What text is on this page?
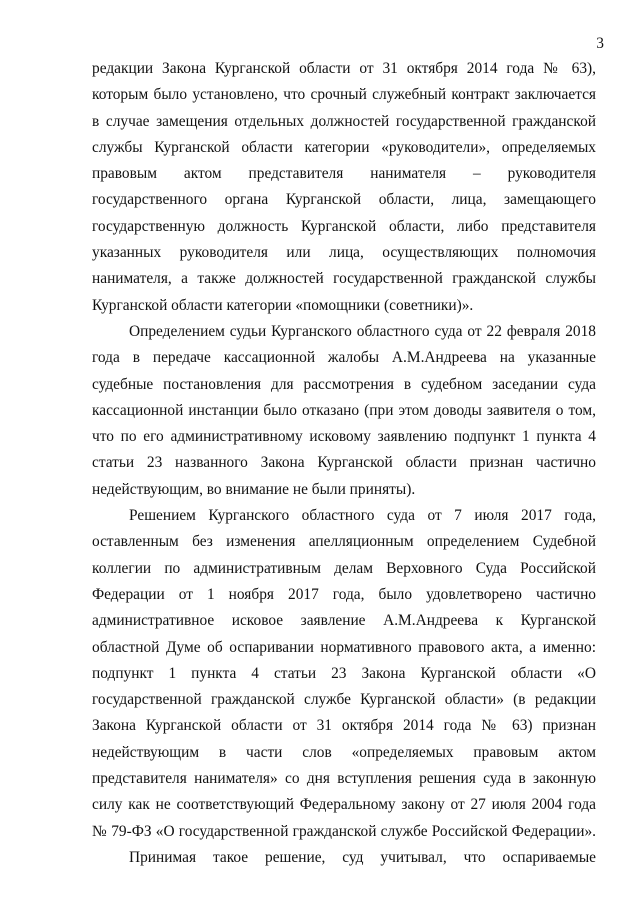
3
редакции Закона Курганской области от 31 октября 2014 года № 63),
которым было установлено, что срочный служебный контракт заключается
в случае замещения отдельных должностей государственной гражданской
службы Курганской области категории «руководители», определяемых
правовым актом представителя нанимателя – руководителя
государственного органа Курганской области, лица, замещающего
государственную должность Курганской области, либо представителя
указанных руководителя или лица, осуществляющих полномочия
нанимателя, а также должностей государственной гражданской службы
Курганской области категории «помощники (советники)».
Определением судьи Курганского областного суда от 22 февраля 2018
года в передаче кассационной жалобы А.М.Андреева на указанные
судебные постановления для рассмотрения в судебном заседании суда
кассационной инстанции было отказано (при этом доводы заявителя о том,
что по его административному исковому заявлению подпункт 1 пункта 4
статьи 23 названного Закона Курганской области признан частично
недействующим, во внимание не были приняты).
Решением Курганского областного суда от 7 июля 2017 года,
оставленным без изменения апелляционным определением Судебной
коллегии по административным делам Верховного Суда Российской
Федерации от 1 ноября 2017 года, было удовлетворено частично
административное исковое заявление А.М.Андреева к Курганской
областной Думе об оспаривании нормативного правового акта, а именно:
подпункт 1 пункта 4 статьи 23 Закона Курганской области «О
государственной гражданской службе Курганской области» (в редакции
Закона Курганской области от 31 октября 2014 года № 63) признан
недействующим в части слов «определяемых правовым актом
представителя нанимателя» со дня вступления решения суда в законную
силу как не соответствующий Федеральному закону от 27 июля 2004 года
№ 79-ФЗ «О государственной гражданской службе Российской Федерации».
Принимая такое решение, суд учитывал, что оспариваемые
